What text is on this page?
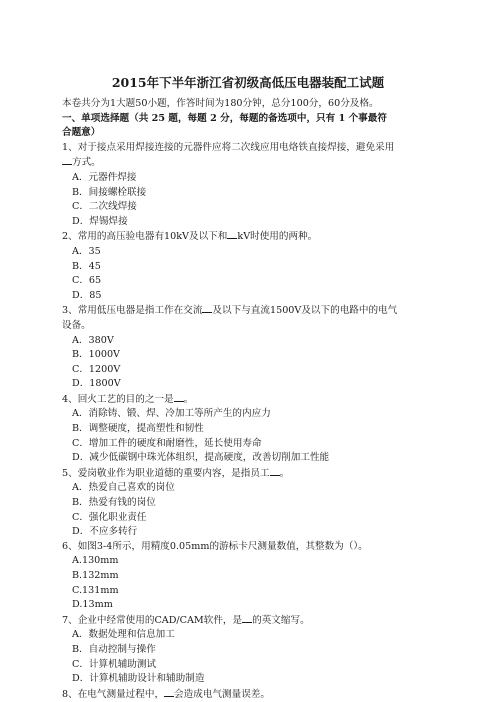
2015年下半年浙江省初级高低压电器装配工试题
本卷共分为1大题50小题，作答时间为180分钟，总分100分，60分及格。
一、单项选择题（共 25 题，每题 2 分，每题的备选项中，只有 1 个事最符
合题意）
1、对于接点采用焊接连接的元器件应将二次线应用电烙铁直接焊接，避免采用
方式。
A．元器件焊接
B．间接螺栓联接
C．二次线焊接
D．焊锡焊接
2、常用的高压验电器有10kV及以下和 kV时使用的两种。
A．35
B．45
C．65
D．85
3、常用低压电器是指工作在交流 及以下与直流1500V及以下的电路中的电气
设备。
A．380V
B．1000V
C．1200V
D．1800V
4、回火工艺的目的之一是 。
A．消除铸、锻、焊、冷加工等所产生的内应力
B．调整硬度，提高塑性和韧性
C．增加工件的硬度和耐磨性，延长使用寿命
D．减少低碳钢中珠光体组织，提高硬度，改善切削加工性能
5、爱岗敬业作为职业道德的重要内容，是指员工 。
A．热爱自己喜欢的岗位
B．热爱有钱的岗位
C．强化职业责任
D．不应多转行
6、如图3-4所示，用精度0.05mm的游标卡尺测量数值，其整数为（）。
A.130mm
B.132mm
C.131mm
D.13mm
7、企业中经常使用的CAD/CAM软件，是 的英文缩写。
A．数据处理和信息加工
B．自动控制与操作
C．计算机辅助测试
D．计算机辅助设计和辅助制造
8、在电气测量过程中， 会造成电气测量误差。
